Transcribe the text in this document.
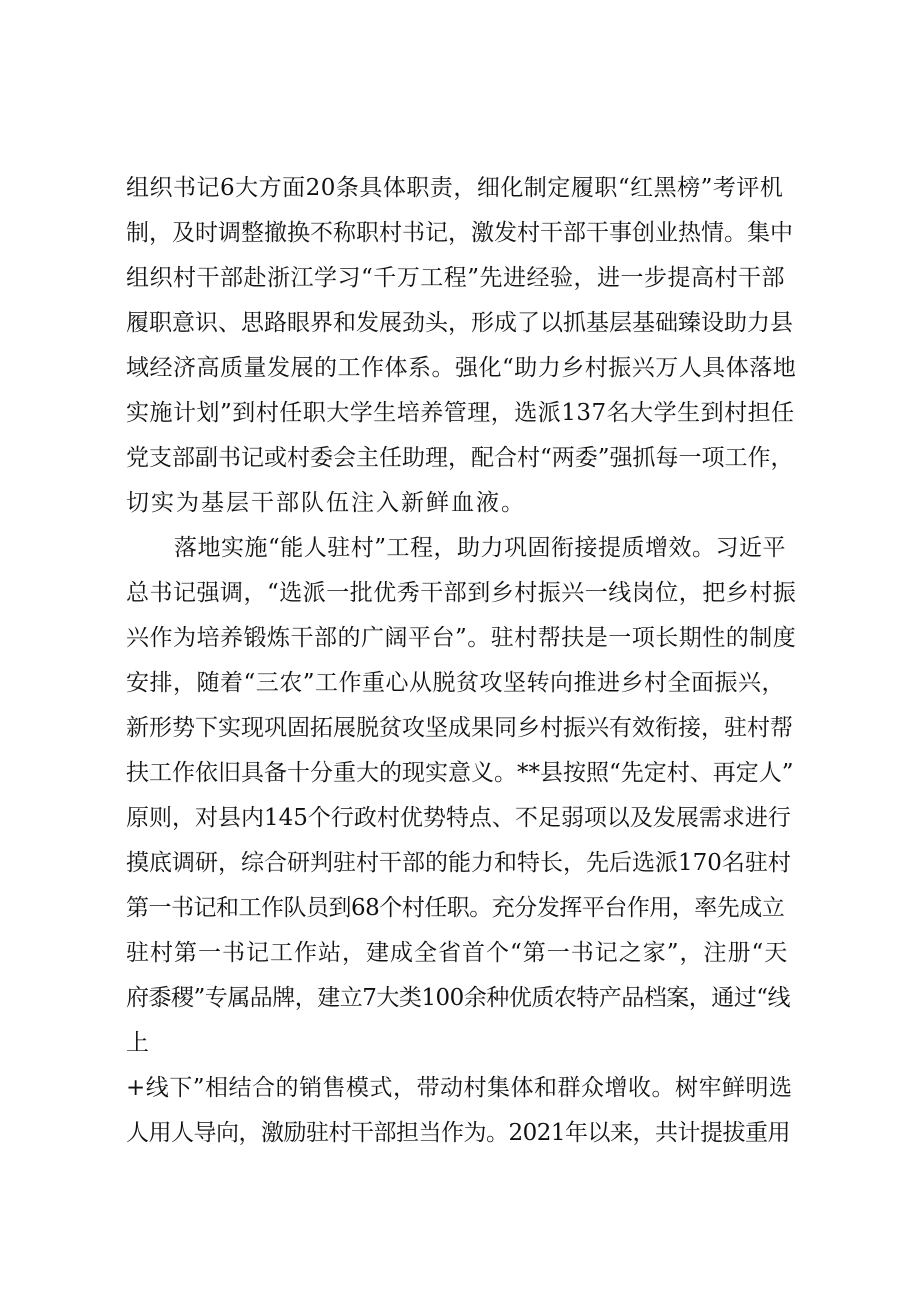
组织书记6大方面20条具体职责，细化制定履职“红黑榜”考评机
制，及时调整撤换不称职村书记，激发村干部干事创业热情。集中
组织村干部赴浙江学习“千万工程”先进经验，进一步提高村干部
履职意识、思路眼界和发展劲头，形成了以抓基层基础臻设助力县
域经济高质量发展的工作体系。强化“助力乡村振兴万人具体落地
实施计划”到村任职大学生培养管理，选派137名大学生到村担任
党支部副书记或村委会主任助理，配合村“两委”强抓每一项工作，
切实为基层干部队伍注入新鲜血液。
落地实施“能人驻村”工程，助力巩固衔接提质增效。习近平
总书记强调，“选派一批优秀干部到乡村振兴一线岗位，把乡村振
兴作为培养锻炼干部的广阔平台”。驻村帮扶是一项长期性的制度
安排，随着“三农”工作重心从脱贫攻坚转向推进乡村全面振兴，
新形势下实现巩固拓展脱贫攻坚成果同乡村振兴有效衔接，驻村帮
扶工作依旧具备十分重大的现实意义。**县按照“先定村、再定人”
原则，对县内145个行政村优势特点、不足弱项以及发展需求进行
摸底调研，综合研判驻村干部的能力和特长，先后选派170名驻村
第一书记和工作队员到68个村任职。充分发挥平台作用，率先成立
驻村第一书记工作站，建成全省首个“第一书记之家”，注册“天
府黍稷”专属品牌，建立7大类100余种优质农特产品档案，通过“线
上
+线下”相结合的销售模式，带动村集体和群众增收。树牢鲜明选
人用人导向，激励驻村干部担当作为。2021年以来，共计提拔重用
